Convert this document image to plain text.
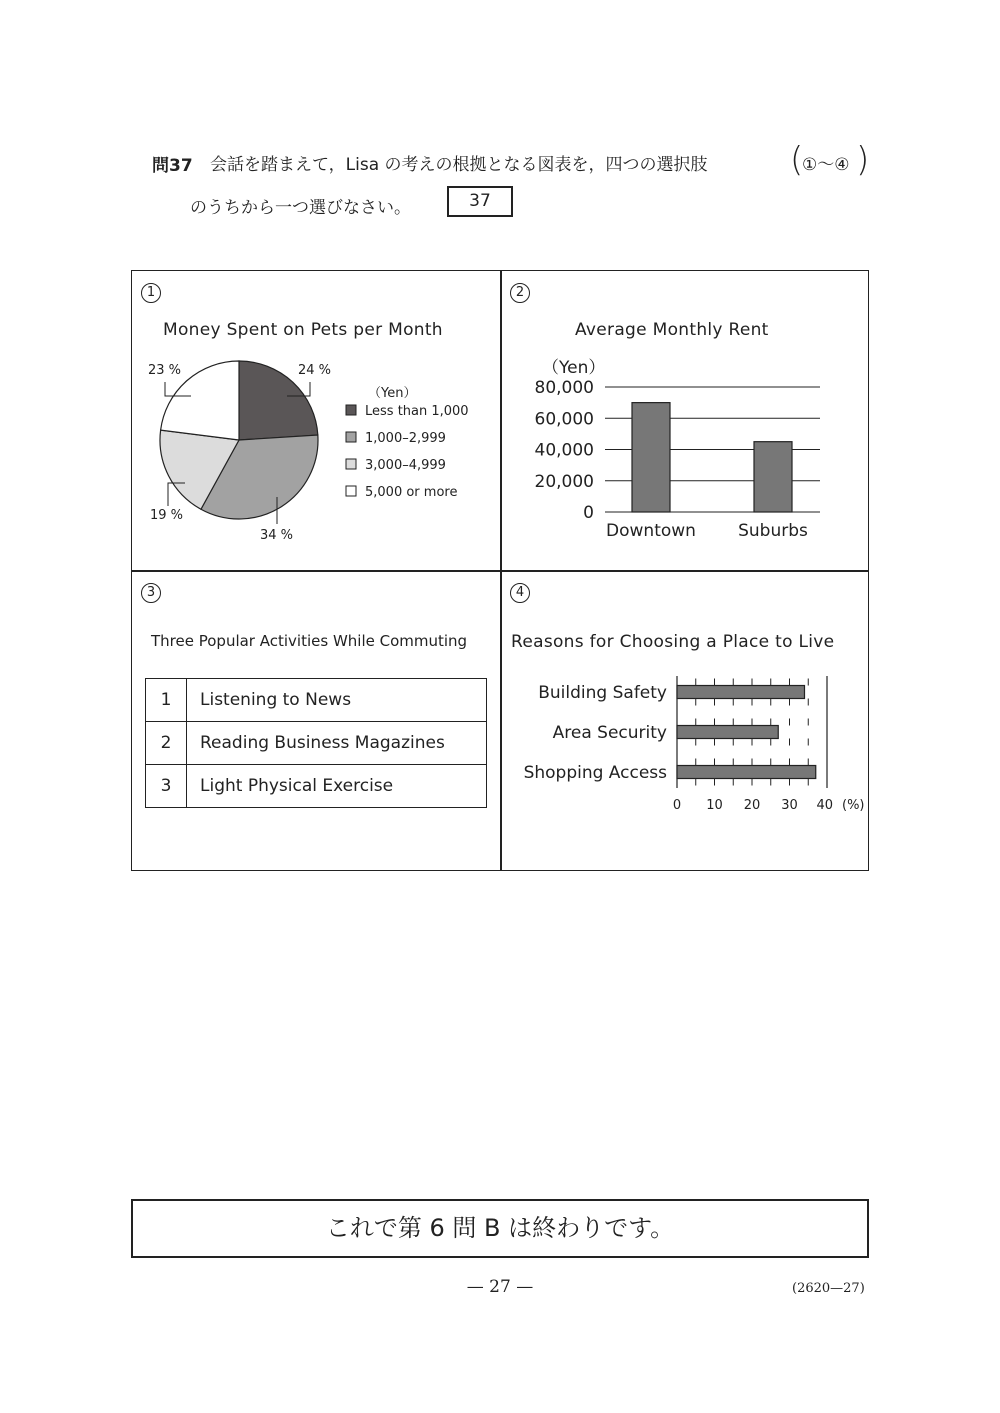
問37 会話を踏まえて，Lisa の考えの根拠となる図表を，四つの選択肢 (
①～④ )
のうちから一つ選びなさい。	37
1
Money Spent on Pets per Month
（Yen）
Less than 1,000
1,000–2,999
3,000–4,999
5,000 or more
24 %
34 %
19 %
23 %
2
Average Monthly Rent
（Yen）
0
20,000
40,000
60,000
80,000
Downtown Suburbs
3
Three Popular Activities While Commuting
1	Listening to News
2	Reading Business Magazines
3	Light Physical Exercise
4
Reasons for Choosing a Place to Live
Building Safety
Area Security
Shopping Access
0 10 20 30 40 (%)
これで第 6 問 B は終わりです。
— 27 —	(2620—27)
